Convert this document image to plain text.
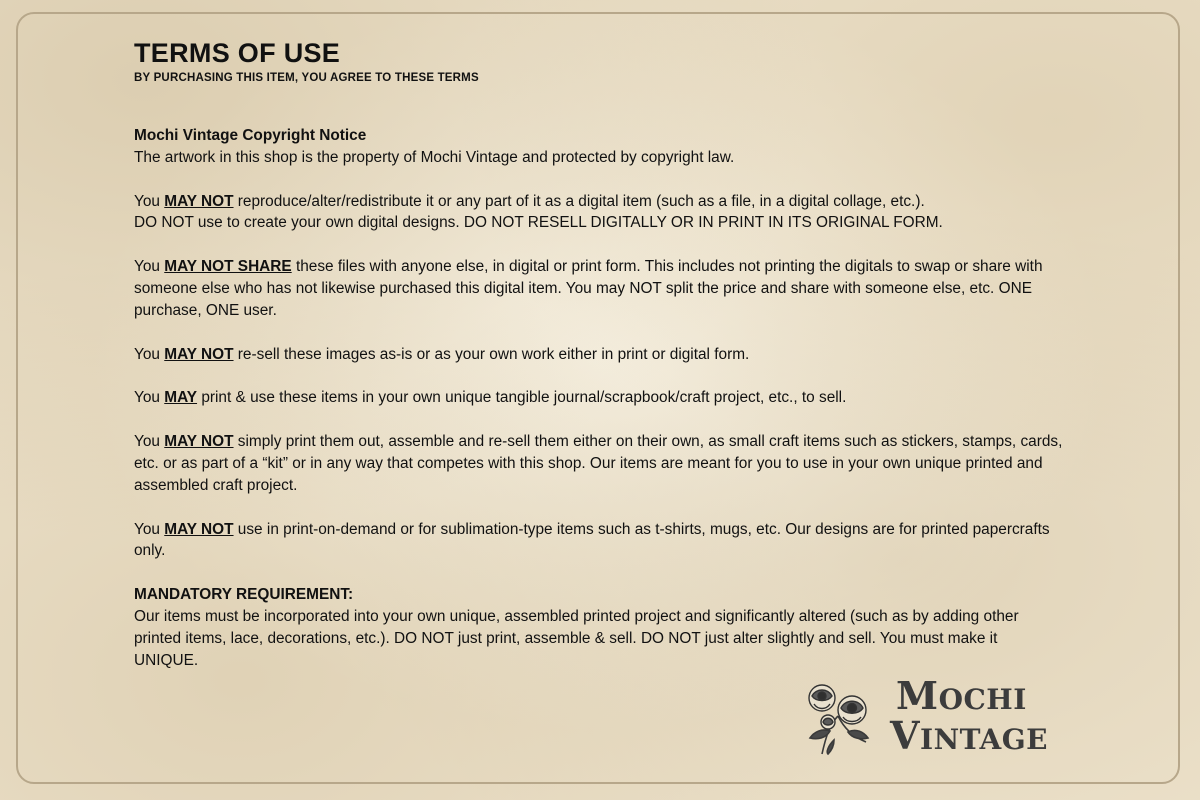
TERMS OF USE
BY PURCHASING THIS ITEM, YOU AGREE TO THESE TERMS
Mochi Vintage Copyright Notice
The artwork in this shop is the property of Mochi Vintage and protected by copyright law.
You MAY NOT reproduce/alter/redistribute it or any part of it as a digital item (such as a file, in a digital collage, etc.).
DO NOT use to create your own digital designs. DO NOT RESELL DIGITALLY OR IN PRINT IN ITS ORIGINAL FORM.
You MAY NOT SHARE these files with anyone else, in digital or print form. This includes not printing the digitals to swap or share with someone else who has not likewise purchased this digital item. You may NOT split the price and share with someone else, etc. ONE purchase, ONE user.
You MAY NOT re-sell these images as-is or as your own work either in print or digital form.
You MAY print & use these items in your own unique tangible journal/scrapbook/craft project, etc., to sell.
You MAY NOT simply print them out, assemble and re-sell them either on their own, as small craft items such as stickers, stamps, cards, etc. or as part of a “kit” or in any way that competes with this shop. Our items are meant for you to use in your own unique printed and assembled craft project.
You MAY NOT use in print-on-demand or for sublimation-type items such as t-shirts, mugs, etc. Our designs are for printed papercrafts only.
MANDATORY REQUIREMENT:
Our items must be incorporated into your own unique, assembled printed project and significantly altered (such as by adding other printed items, lace, decorations, etc.). DO NOT just print, assemble & sell. DO NOT just alter slightly and sell. You must make it UNIQUE.
MOCHI
VINTAGE
